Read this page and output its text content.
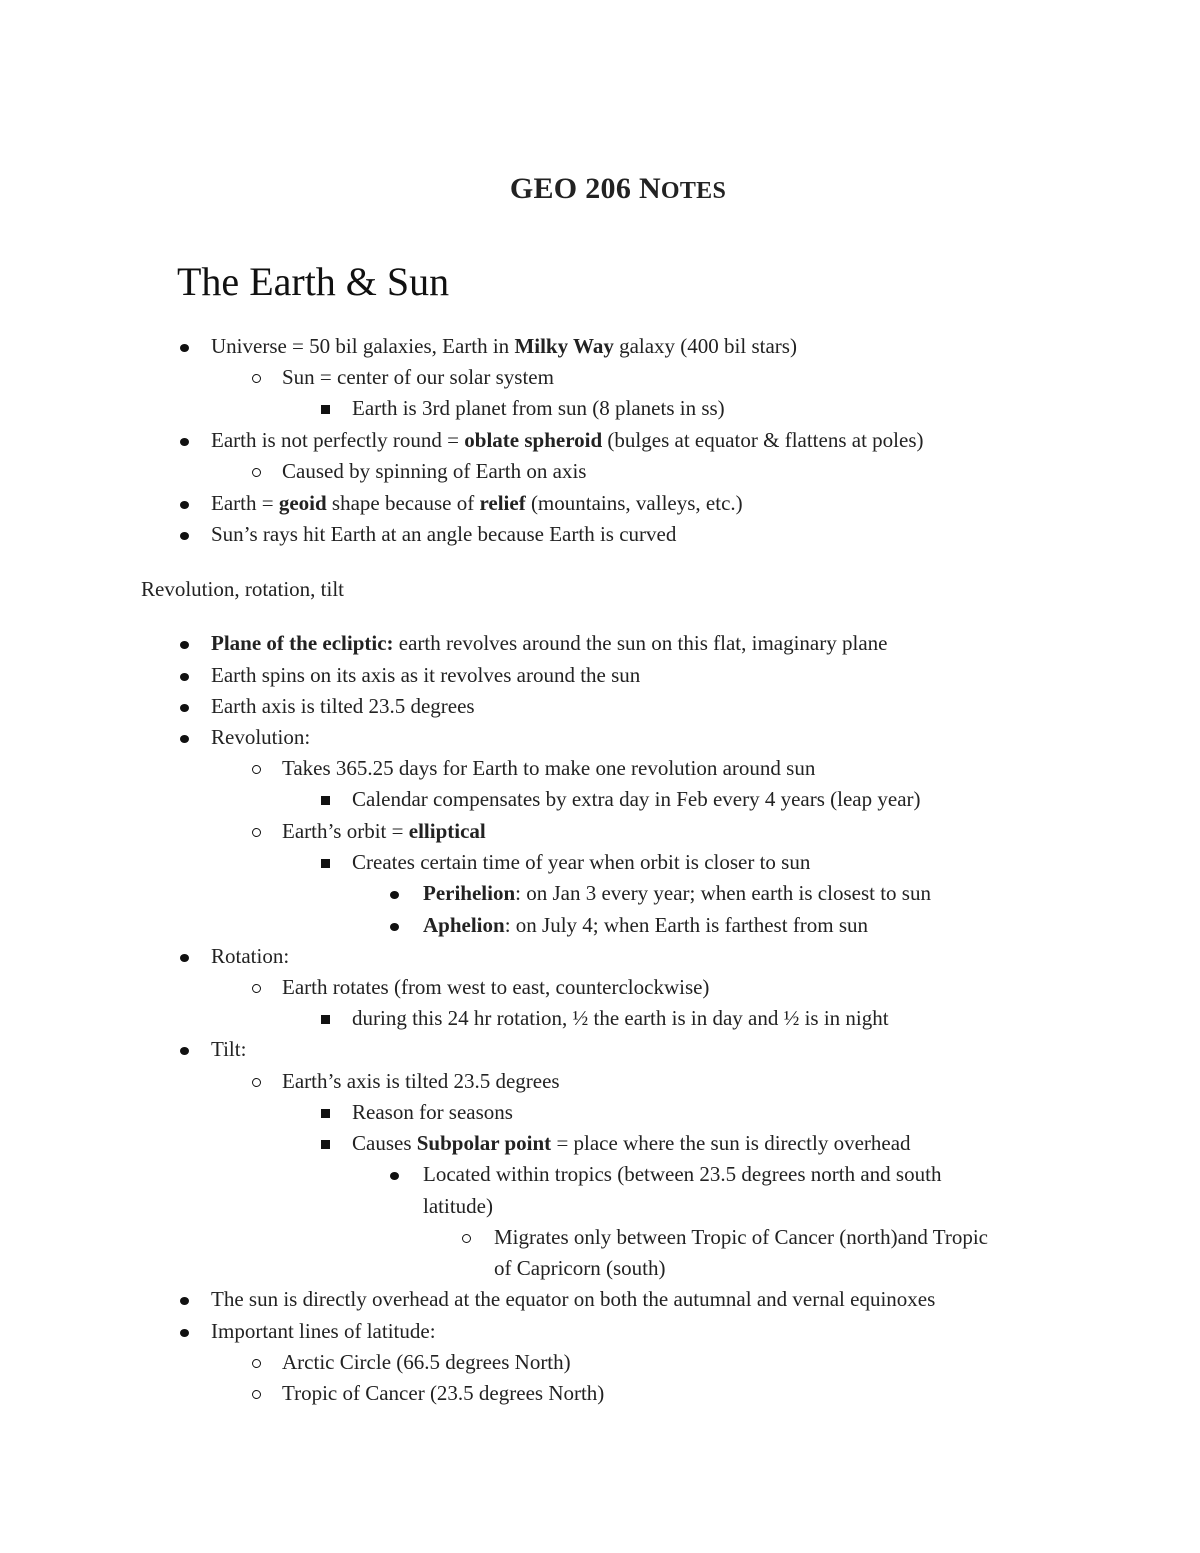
GEO 206 NOTES
The Earth & Sun
Universe = 50 bil galaxies, Earth in Milky Way galaxy (400 bil stars)
Sun = center of our solar system
Earth is 3rd planet from sun (8 planets in ss)
Earth is not perfectly round = oblate spheroid (bulges at equator & flattens at poles)
Caused by spinning of Earth on axis
Earth = geoid shape because of relief (mountains, valleys, etc.)
Sun’s rays hit Earth at an angle because Earth is curved
Revolution, rotation, tilt
Plane of the ecliptic: earth revolves around the sun on this flat, imaginary plane
Earth spins on its axis as it revolves around the sun
Earth axis is tilted 23.5 degrees
Revolution:
Takes 365.25 days for Earth to make one revolution around sun
Calendar compensates by extra day in Feb every 4 years (leap year)
Earth’s orbit = elliptical
Creates certain time of year when orbit is closer to sun
Perihelion: on Jan 3 every year; when earth is closest to sun
Aphelion: on July 4; when Earth is farthest from sun
Rotation:
Earth rotates (from west to east, counterclockwise)
during this 24 hr rotation, ½ the earth is in day and ½ is in night
Tilt:
Earth’s axis is tilted 23.5 degrees
Reason for seasons
Causes Subpolar point = place where the sun is directly overhead
Located within tropics (between 23.5 degrees north and south
latitude)
Migrates only between Tropic of Cancer (north)and Tropic
of Capricorn (south)
The sun is directly overhead at the equator on both the autumnal and vernal equinoxes
Important lines of latitude:
Arctic Circle (66.5 degrees North)
Tropic of Cancer (23.5 degrees North)
